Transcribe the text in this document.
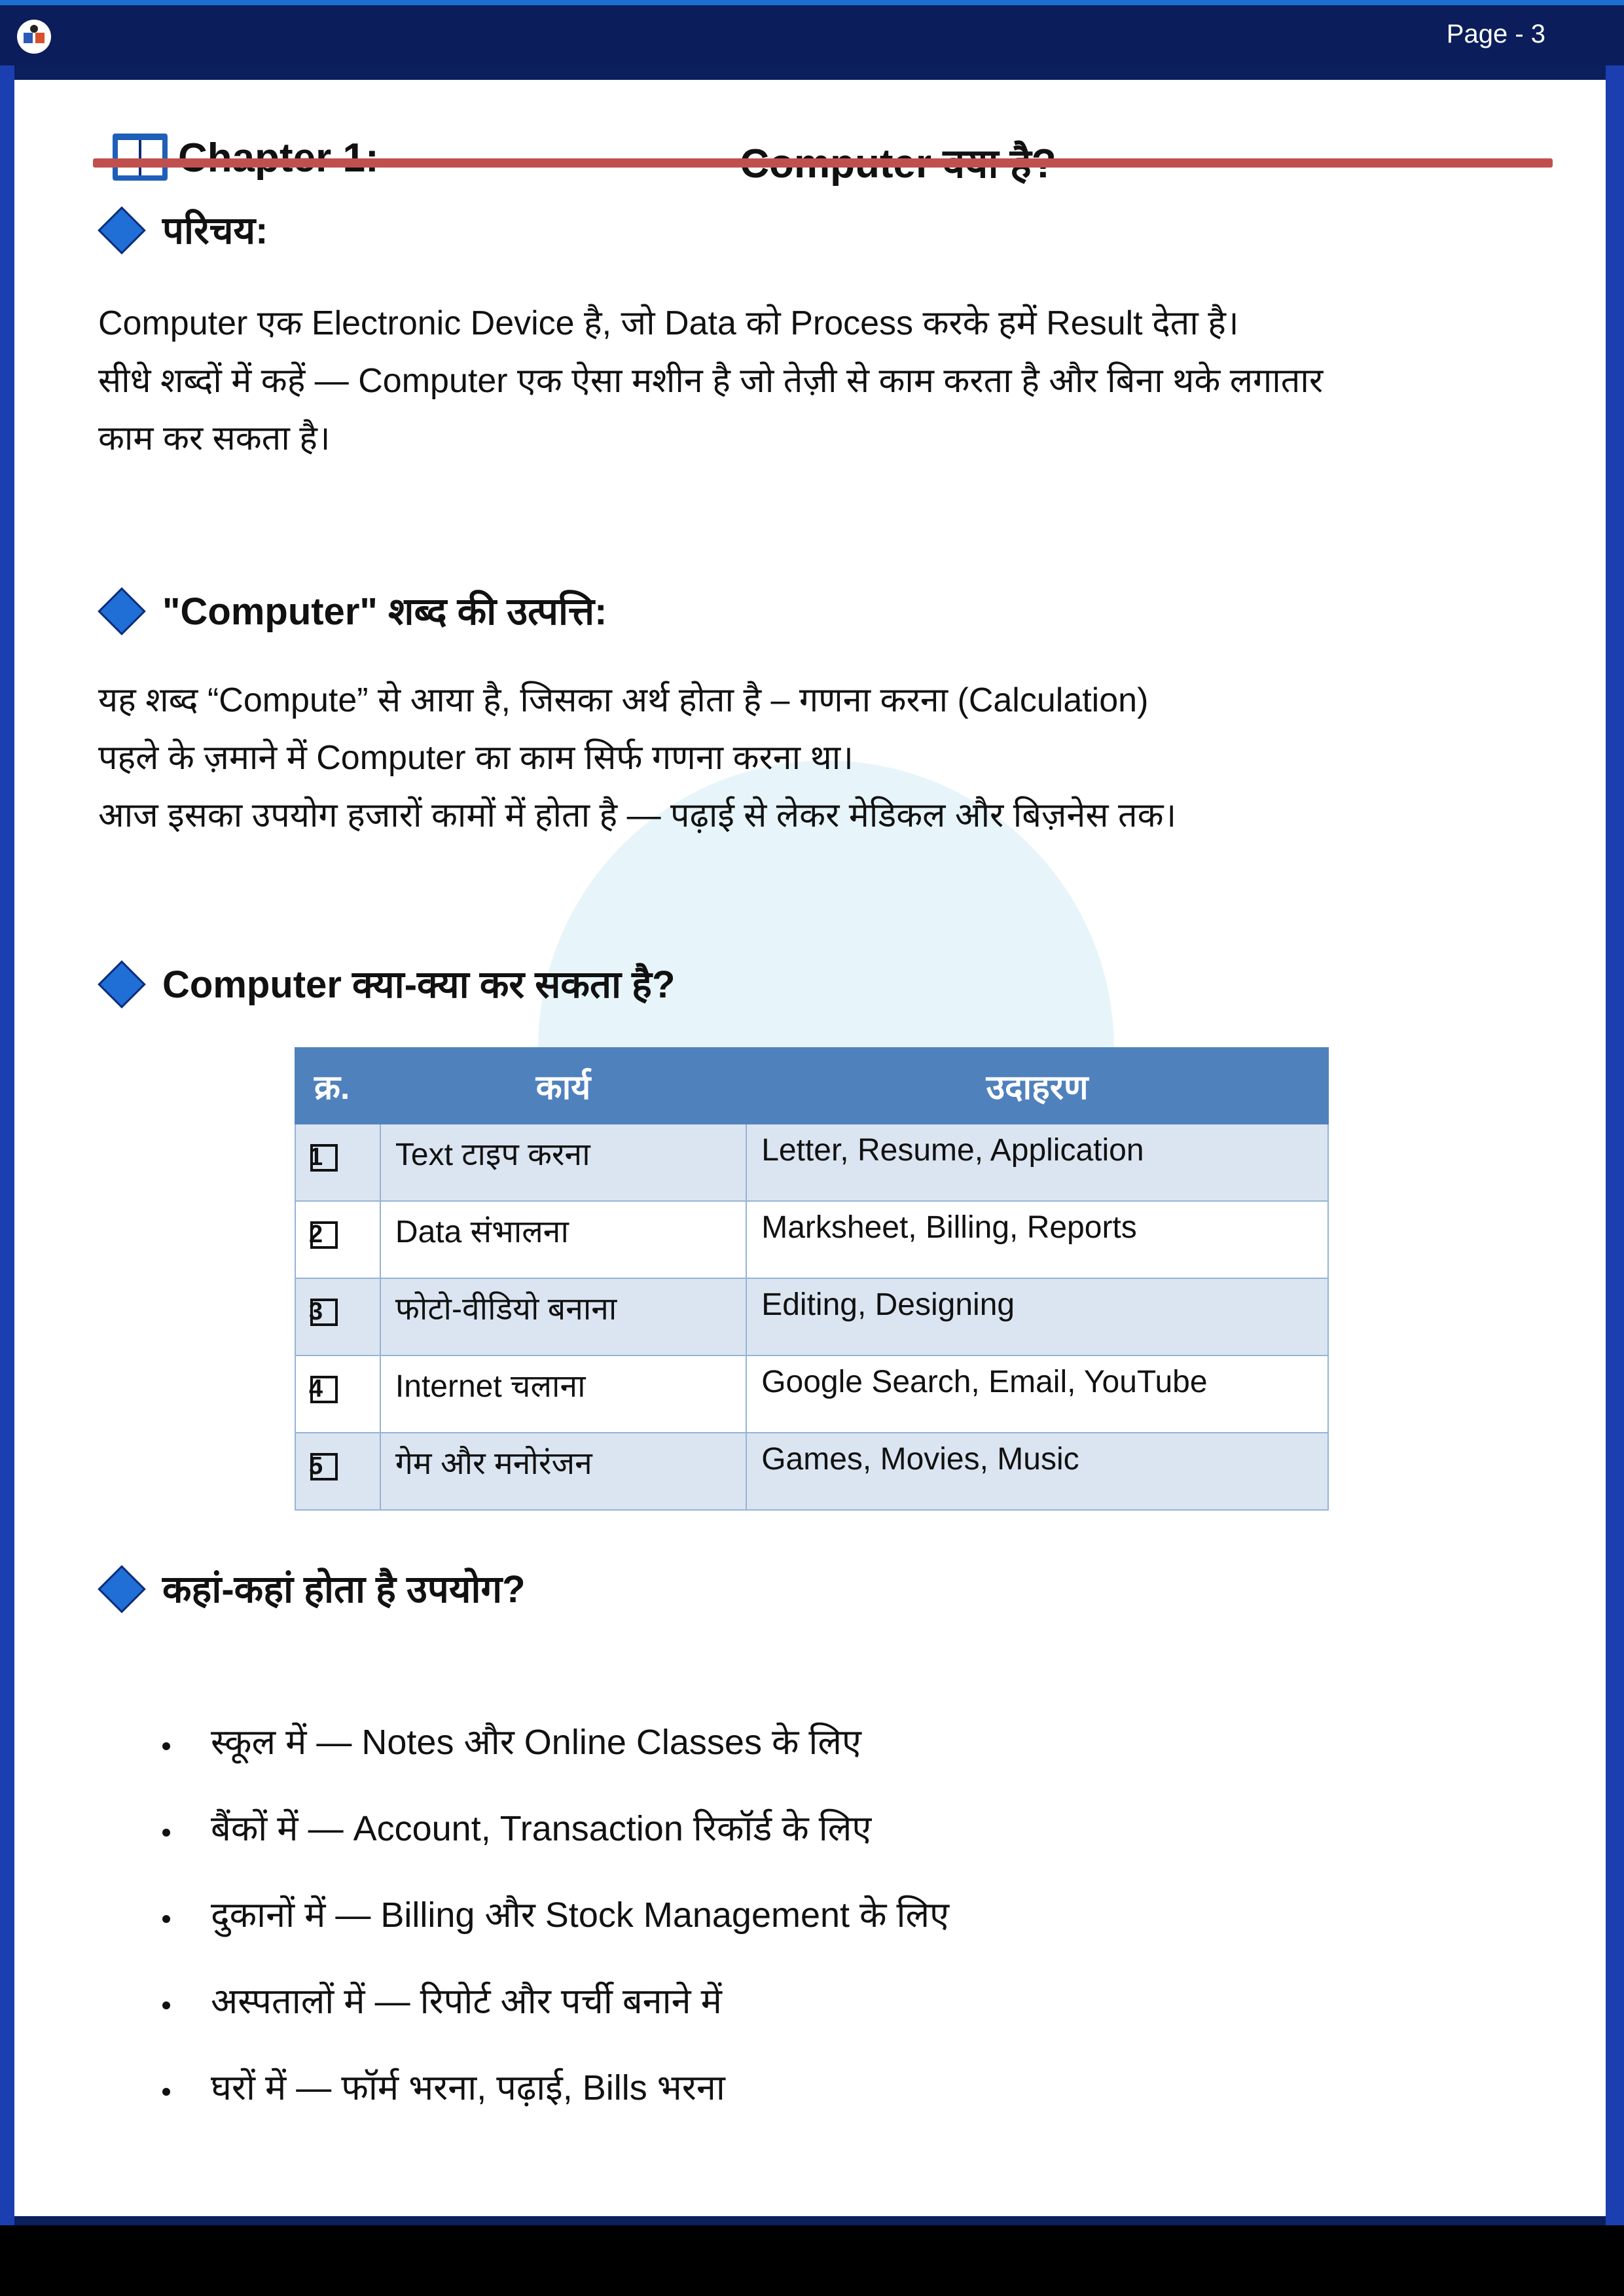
Page - 3
परिचय:
Computer एक Electronic Device है, जो Data को Process करके हमें Result देता है।
सीधे शब्दों में कहें — Computer एक ऐसा मशीन है जो तेज़ी से काम करता है और बिना थके लगातार
काम कर सकता है।
"Computer" शब्द की उत्पत्ति:
यह शब्द “Compute” से आया है, जिसका अर्थ होता है – गणना करना (Calculation)
पहले के ज़माने में Computer का काम सिर्फ गणना करना था।
आज इसका उपयोग हजारों कामों में होता है — पढ़ाई से लेकर मेडिकल और बिज़नेस तक।
Computer क्या-क्या कर सकता है?
क्र.	कार्य	उदाहरण
1	Text टाइप करना	Letter, Resume, Application
2	Data संभालना	Marksheet, Billing, Reports
3	फोटो-वीडियो बनाना	Editing, Designing
4	Internet चलाना	Google Search, Email, YouTube
5	गेम और मनोरंजन	Games, Movies, Music
कहां-कहां होता है उपयोग?
स्कूल में — Notes और Online Classes के लिए
बैंकों में — Account, Transaction रिकॉर्ड के लिए
दुकानों में — Billing और Stock Management के लिए
अस्पतालों में — रिपोर्ट और पर्ची बनाने में
घरों में — फॉर्म भरना, पढ़ाई, Bills भरना
